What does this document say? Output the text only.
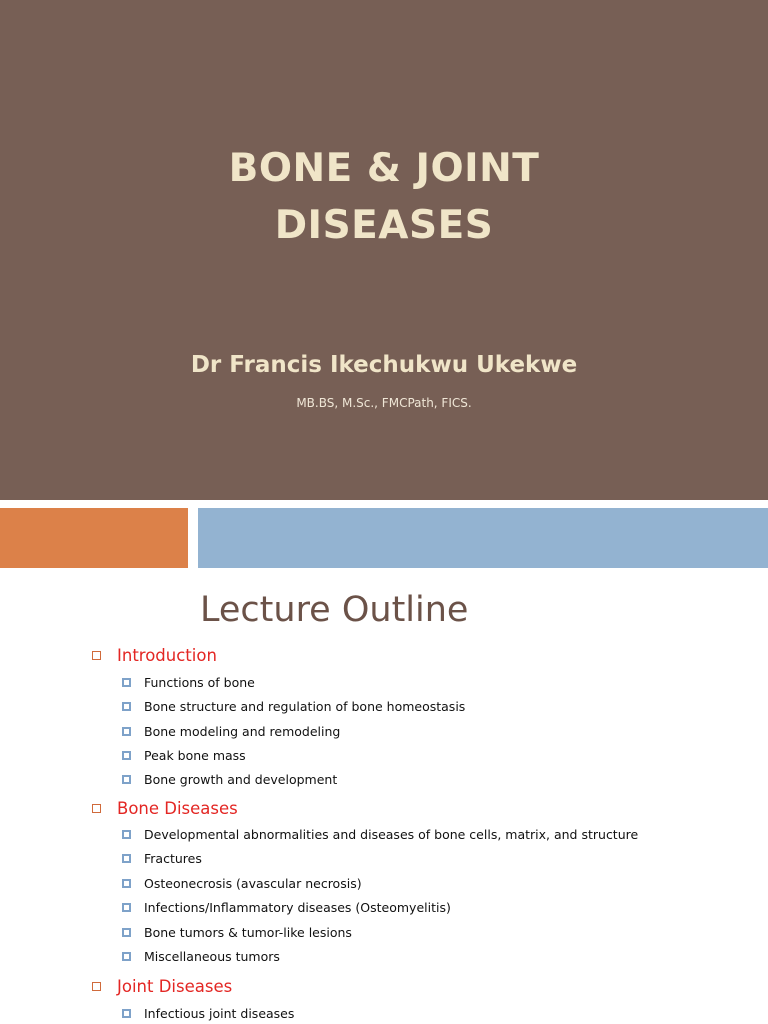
BONE & JOINT
DISEASES
Dr Francis Ikechukwu Ukekwe
MB.BS, M.Sc., FMCPath, FICS.
Lecture Outline
Introduction
Functions of bone
Bone structure and regulation of bone homeostasis
Bone modeling and remodeling
Peak bone mass
Bone growth and development
Bone Diseases
Developmental abnormalities and diseases of bone cells, matrix, and structure
Fractures
Osteonecrosis (avascular necrosis)
Infections/Inflammatory diseases (Osteomyelitis)
Bone tumors & tumor-like lesions
Miscellaneous tumors
Joint Diseases
Infectious joint diseases
